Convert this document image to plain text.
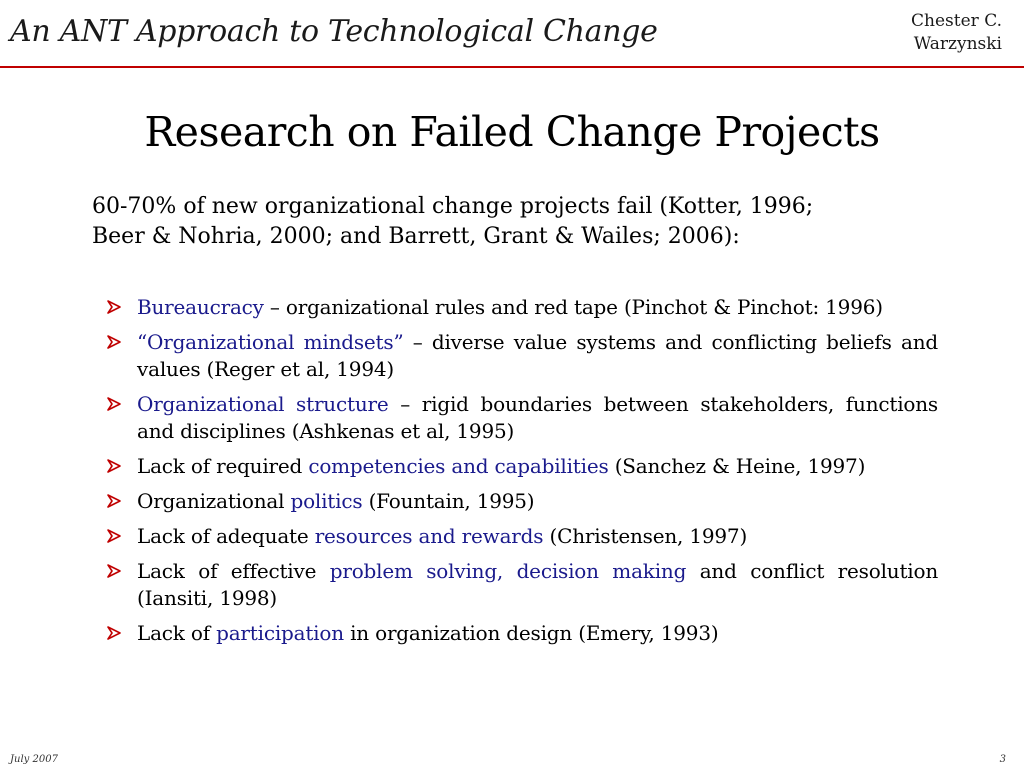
An ANT Approach to Technological Change	Chester C.
Warzynski
Research on Failed Change Projects
60-70% of new organizational change projects fail (Kotter, 1996;
Beer & Nohria, 2000; and Barrett, Grant & Wailes; 2006):
Bureaucracy – organizational rules and red tape (Pinchot & Pinchot: 1996)
“Organizational mindsets” – diverse value systems and conflicting beliefs and values (Reger et al, 1994)
Organizational structure – rigid boundaries between stakeholders, functions and disciplines (Ashkenas et al, 1995)
Lack of required competencies and capabilities (Sanchez & Heine, 1997)
Organizational politics (Fountain, 1995)
Lack of adequate resources and rewards (Christensen, 1997)
Lack of effective problem solving, decision making and conflict resolution (Iansiti, 1998)
Lack of participation in organization design (Emery, 1993)
July 2007	3
